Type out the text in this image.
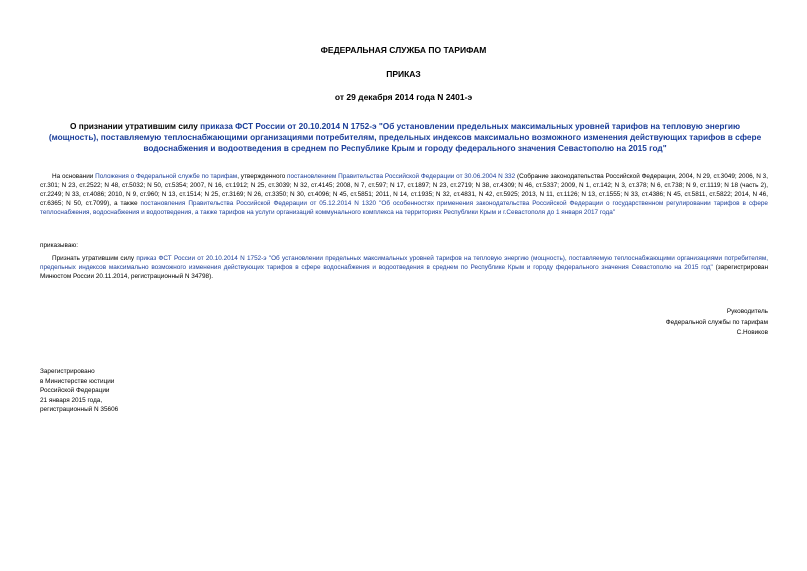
ФЕДЕРАЛЬНАЯ СЛУЖБА ПО ТАРИФАМ
ПРИКАЗ
от 29 декабря 2014 года N 2401-э
О признании утратившим силу приказа ФСТ России от 20.10.2014 N 1752-э "Об установлении предельных максимальных уровней тарифов на тепловую энергию (мощность), поставляемую теплоснабжающими организациями потребителям, предельных индексов максимально возможного изменения действующих тарифов в сфере водоснабжения и водоотведения в среднем по Республике Крым и городу федерального значения Севастополю на 2015 год"
На основании Положения о Федеральной службе по тарифам, утвержденного постановлением Правительства Российской Федерации от 30.06.2004 N 332 (Собрание законодательства Российской Федерации, 2004, N 29, ст.3049; 2006, N 3, ст.301; N 23, ст.2522; N 48, ст.5032; N 50, ст.5354; 2007, N 16, ст.1912; N 25, ст.3039; N 32, ст.4145; 2008, N 7, ст.597; N 17, ст.1897; N 23, ст.2719; N 38, ст.4309; N 46, ст.5337; 2009, N 1, ст.142; N 3, ст.378; N 6, ст.738; N 9, ст.1119; N 18 (часть 2), ст.2249; N 33, ст.4086; 2010, N 9, ст.960; N 13, ст.1514; N 25, ст.3169; N 26, ст.3350; N 30, ст.4096; N 45, ст.5851; 2011, N 14, ст.1935; N 32, ст.4831, N 42, ст.5925; 2013, N 11, ст.1126; N 13, ст.1555; N 33, ст.4386; N 45, ст.5811, ст.5822; 2014, N 46, ст.6365; N 50, ст.7099), а также постановления Правительства Российской Федерации от 05.12.2014 N 1320 "Об особенностях применения законодательства Российской Федерации о государственном регулировании тарифов в сфере теплоснабжения, водоснабжения и водоотведения, а также тарифов на услуги организаций коммунального комплекса на территориях Республики Крым и г.Севастополя до 1 января 2017 года"
приказываю:
Признать утратившим силу приказ ФСТ России от 20.10.2014 N 1752-э "Об установлении предельных максимальных уровней тарифов на тепловую энергию (мощность), поставляемую теплоснабжающими организациями потребителям, предельных индексов максимально возможного изменения действующих тарифов в сфере водоснабжения и водоотведения в среднем по Республике Крым и городу федерального значения Севастополю на 2015 год" (зарегистрирован Минюстом России 20.11.2014, регистрационный N 34798).
Руководитель
Федеральной службы по тарифам
С.Новиков
Зарегистрировано
в Министерстве юстиции
Российской Федерации
21 января 2015 года,
регистрационный N 35606
